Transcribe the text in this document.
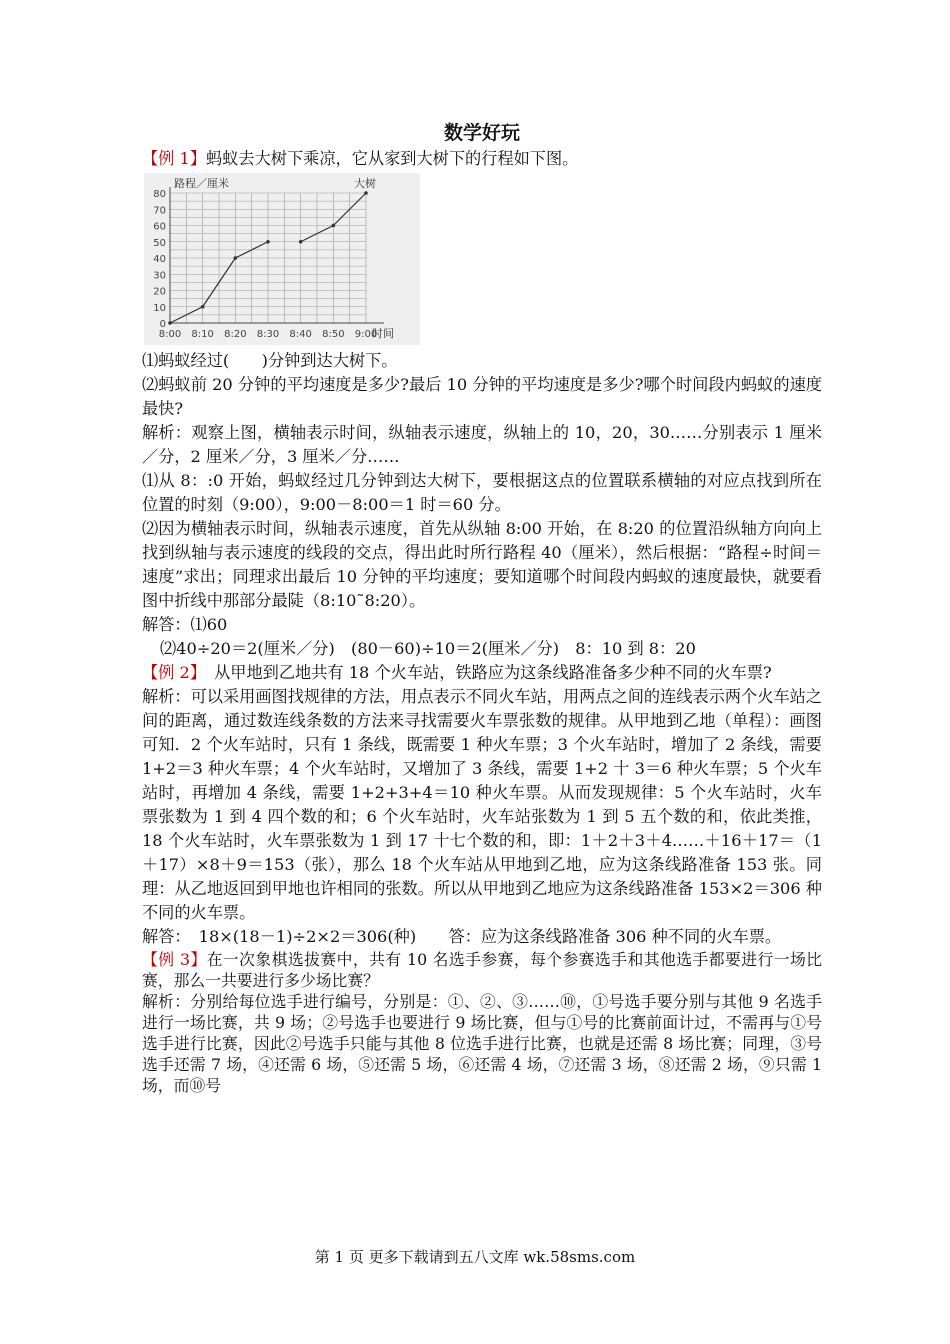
数学好玩

【例 1】蚂蚁去大树下乘凉，它从家到大树下的行程如下图。

0
10
20
30
40
50
60
70
80
8:00 8:10 8:20 8:30 8:40 8:50 9:00
路程／厘米
时间
大树

⑴蚂蚁经过(　　)分钟到达大树下。

⑵蚂蚁前 20 分钟的平均速度是多少?最后 10 分钟的平均速度是多少?哪个时间段内蚂蚁的速度最快?

解析：观察上图，横轴表示时间，纵轴表示速度，纵轴上的 10，20，30……分别表示 1 厘米／分，2 厘米／分，3 厘米／分……

⑴从 8：:0 开始，蚂蚁经过几分钟到达大树下，要根据这点的位置联系横轴的对应点找到所在位置的时刻（9:00），9:00－8:00＝1 时＝60 分。

⑵因为横轴表示时间，纵轴表示速度，首先从纵轴 8:00 开始，在 8:20 的位置沿纵轴方向向上找到纵轴与表示速度的线段的交点，得出此时所行路程 40（厘米），然后根据：“路程÷时间＝速度”求出；同理求出最后 10 分钟的平均速度；要知道哪个时间段内蚂蚁的速度最快，就要看图中折线中那部分最陡（8:10˜8:20）。

解答：⑴60

⑵40÷20＝2(厘米／分)　(80－60)÷10＝2(厘米／分)　8：10 到 8：20

【例 2】　从甲地到乙地共有 18 个火车站，铁路应为这条线路准备多少种不同的火车票?

解析：可以采用画图找规律的方法，用点表示不同火车站，用两点之间的连线表示两个火车站之间的距离，通过数连线条数的方法来寻找需要火车票张数的规律。从甲地到乙地（单程）：画图可知．2 个火车站时，只有 1 条线，既需要 1 种火车票；3 个火车站时，增加了 2 条线，需要 1+2＝3 种火车票；4 个火车站时，又增加了 3 条线，需要 1+2 十 3＝6 种火车票；5 个火车站时，再增加 4 条线，需要 1+2+3+4＝10 种火车票。从而发现规律：5 个火车站时，火车票张数为 1 到 4 四个数的和；6 个火车站时，火车站张数为 1 到 5 五个数的和，依此类推，18 个火车站时，火车票张数为 1 到 17 十七个数的和，即：1＋2＋3＋4……＋16＋17＝（1＋17）×8＋9＝153（张），那么 18 个火车站从甲地到乙地，应为这条线路准备 153 张。同理：从乙地返回到甲地也许相同的张数。所以从甲地到乙地应为这条线路准备 153×2＝306 种不同的火车票。

解答：　18×(18－1)÷2×2＝306(种)　　答：应为这条线路准备 306 种不同的火车票。

【例 3】在一次象棋选拔赛中，共有 10 名选手参赛，每个参赛选手和其他选手都要进行一场比赛，那么一共要进行多少场比赛？

解析：分别给每位选手进行编号，分别是：①、②、③……⑩，①号选手要分别与其他 9 名选手进行一场比赛，共 9 场；②号选手也要进行 9 场比赛，但与①号的比赛前面计过，不需再与①号选手进行比赛，因此②号选手只能与其他 8 位选手进行比赛，也就是还需 8 场比赛；同理，③号选手还需 7 场，④还需 6 场，⑤还需 5 场，⑥还需 4 场，⑦还需 3 场，⑧还需 2 场，⑨只需 1 场，而⑩号

第 1 页 更多下载请到五八文库 wk.58sms.com
